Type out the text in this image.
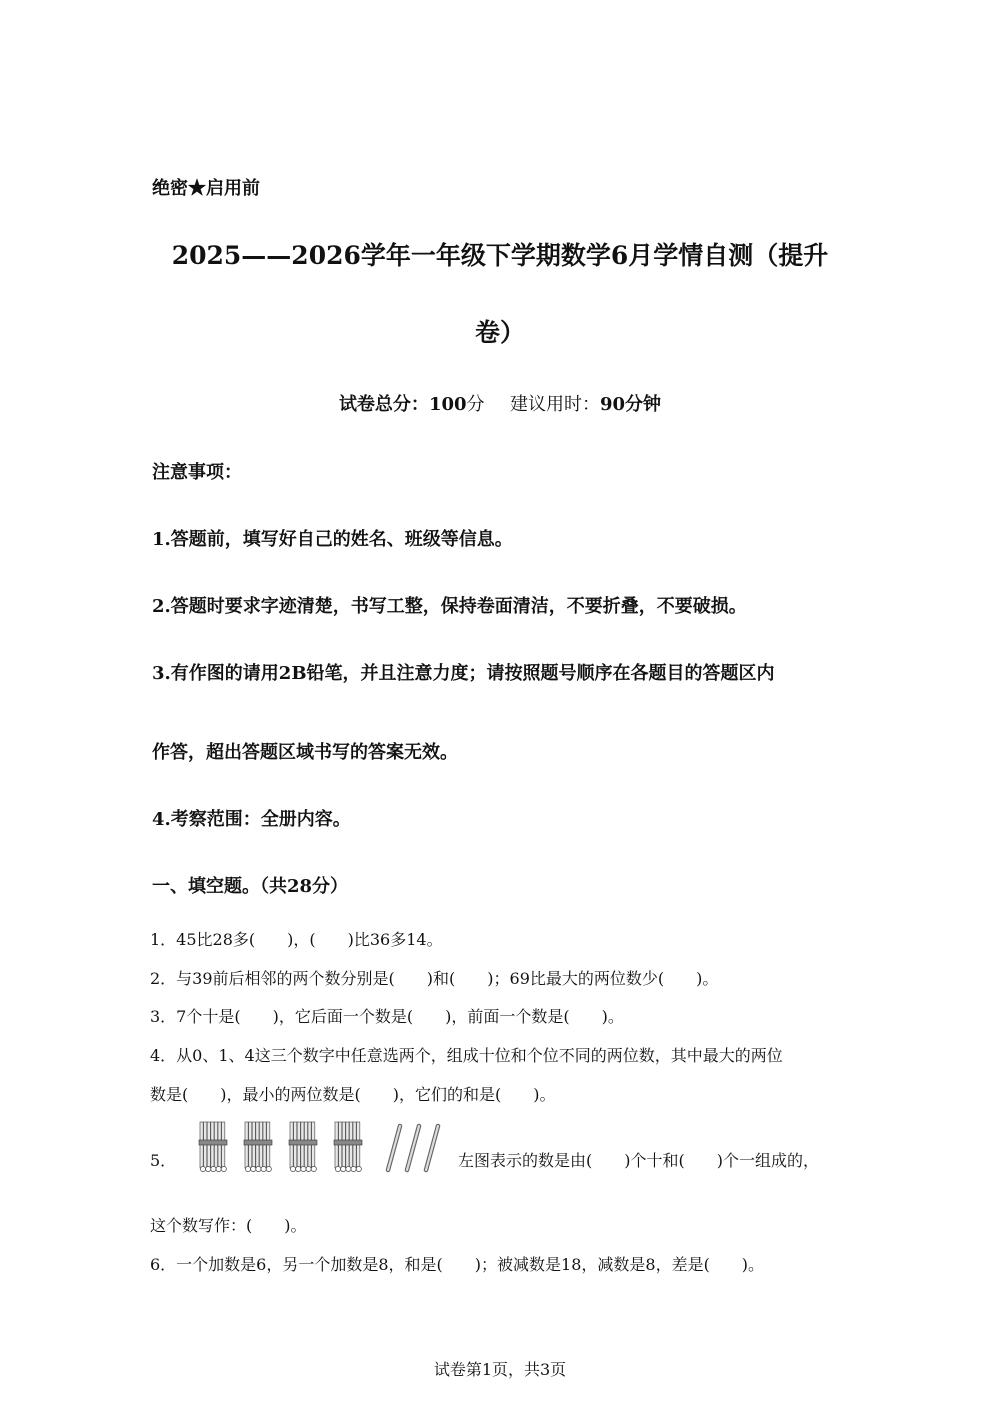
绝密★启用前
2025——2026学年一年级下学期数学6月学情自测（提升
卷）
试卷总分：100分 建议用时：90分钟
注意事项：
1.答题前，填写好自己的姓名、班级等信息。
2.答题时要求字迹清楚，书写工整，保持卷面清洁，不要折叠，不要破损。
3.有作图的请用2B铅笔，并且注意力度；请按照题号顺序在各题目的答题区内
作答，超出答题区域书写的答案无效。
4.考察范围：全册内容。
一、填空题。（共28分）
1．45比28多(　　)，(　　)比36多14。
2．与39前后相邻的两个数分别是(　　)和(　　)；69比最大的两位数少(　　)。
3．7个十是(　　)，它后面一个数是(　　)，前面一个数是(　　)。
4．从0、1、4这三个数字中任意选两个，组成十位和个位不同的两位数，其中最大的两位
数是(　　)，最小的两位数是(　　)，它们的和是(　　)。
5．	左图表示的数是由(　　)个十和(　　)个一组成的，
这个数写作：(　　)。
6．一个加数是6，另一个加数是8，和是(　　)；被减数是18，减数是8，差是(　　)。
试卷第1页，共3页
